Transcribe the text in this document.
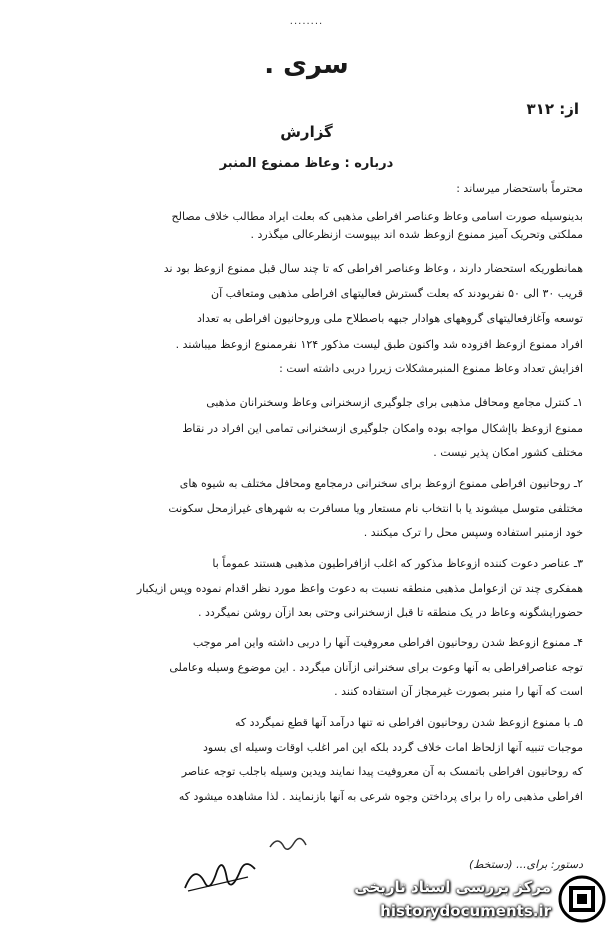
........
سری .
از: ۳۱۲
گزارش
درباره : وعاظ ممنوع المنبر
محترماً باستحضار میرساند :
بدینوسیله صورت اسامی وعاظ وعناصر افراطی مذهبی که بعلت ایراد مطالب خلاف مصالح
مملکتی وتحریک آمیز ممنوع ازوعظ شده اند بپیوست ازنظرعالی میگذرد .
همانطوریکه استحضار دارند ، وعاظ وعناصر افراطی که تا چند سال قبل ممنوع ازوعظ بود ند
قریب ۳۰ الی ۵۰ نفربودند که بعلت گسترش فعالیتهای افراطی مذهبی ومتعاقب آن
توسعه وآغازفعالیتهای گروههای هوادار جبهه باصطلاح ملی وروحانیون افراطی به تعداد
افراد ممنوع ازوعظ افزوده شد واکنون طبق لیست مذکور ۱۲۴ نفرممنوع ازوعظ میباشند .
افزایش تعداد وعاظ ممنوع المنبرمشکلات زیررا دربی داشته است :
۱ـ کنترل مجامع ومحافل مذهبی برای جلوگیری ازسخنرانی وعاظ وسخنرانان مذهبی
ممنوع ازوعظ باإشکال مواجه بوده وامکان جلوگیری ازسخنرانی تمامی این افراد در نقاط
مختلف کشور امکان پذیر نیست .
۲ـ روحانیون افراطی ممنوع ازوعظ برای سخنرانی درمجامع ومحافل مختلف به شیوه های
مختلفی متوسل میشوند یا با انتخاب نام مستعار ویا مسافرت به شهرهای غیرازمحل سکونت
خود ازمنبر استفاده وسپس محل را ترک میکنند .
۳ـ عناصر دعوت کننده ازوعاظ مذکور که اغلب ازافراطیون مذهبی هستند عموماً با
همفکری چند تن ازعوامل مذهبی منطقه نسبت به دعوت واعظ مورد نظر اقدام نموده وپس ازیکبار
حضورایشگونه وعاظ در یک منطقه تا قبل ازسخنرانی وحتی بعد ازآن روشن نمیگردد .
۴ـ ممنوع ازوعظ شدن روحانیون افراطی معروفیت آنها را دربی داشته واین امر موجب
توجه عناصرافراطی به آنها وعوت برای سخنرانی ازآنان میگردد . این موضوع وسیله وعاملی
است که آنها را منبر بصورت غیرمجاز آن استفاده کنند .
۵ـ با ممنوع ازوعظ شدن روحانیون افراطی نه تنها درآمد آنها قطع نمیگردد که
موجبات تنبیه آنها ازلحاظ امات خلاف گردد بلکه این امر اغلب اوقات وسیله ای بسود
که روحانیون افراطی باتمسک به آن معروفیت پیدا نمایند ویدین وسیله باجلب توجه عناصر
افراطی مذهبی راه را برای پرداختن وجوه شرعی به آنها بازنمایند . لذا مشاهده میشود که
دستور: برای... (دستخط)
مرکز بررسی اسناد تاریخی
historydocuments.ir
